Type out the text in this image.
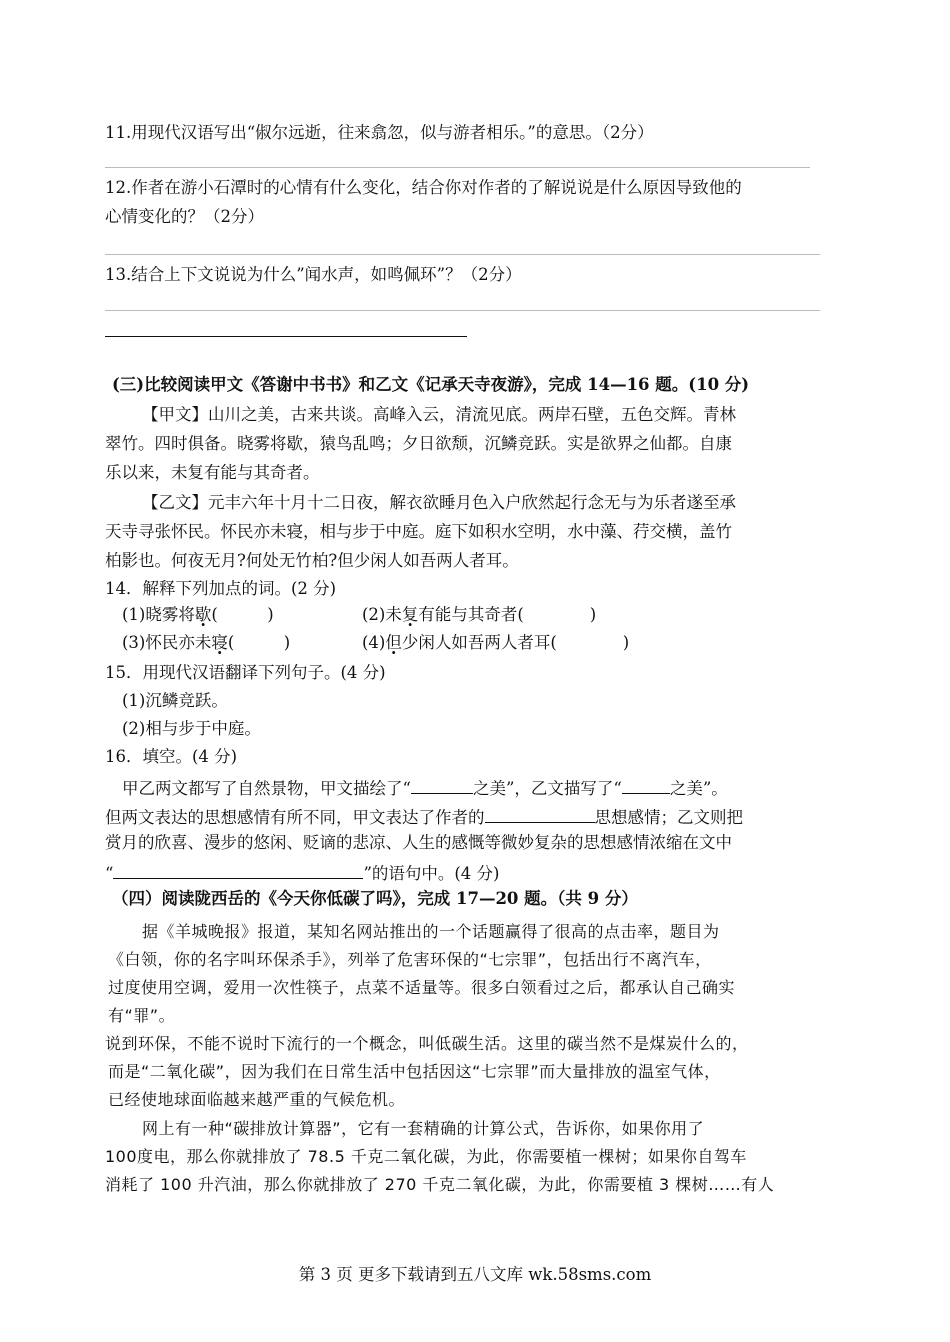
11.用现代汉语写出“俶尔远逝，往来翕忽，似与游者相乐。”的意思。（2分）
12.作者在游小石潭时的心情有什么变化，结合你对作者的了解说说是什么原因导致他的
心情变化的？（2分）
13.结合上下文说说为什么”闻水声，如鸣佩环”？（2分）
(三)比较阅读甲文《答谢中书书》和乙文《记承天寺夜游》，完成 14—16 题。(10 分)
【甲文】山川之美，古来共谈。高峰入云，清流见底。两岸石壁，五色交辉。青林
翠竹。四时俱备。晓雾将歇，猿鸟乱鸣；夕日欲颓，沉鳞竞跃。实是欲界之仙都。自康
乐以来，未复有能与其奇者。
【乙文】元丰六年十月十二日夜，解衣欲睡月色入户欣然起行念无与为乐者遂至承
天寺寻张怀民。怀民亦未寝，相与步于中庭。庭下如积水空明，水中藻、荇交横，盖竹
柏影也。何夜无月?何处无竹柏?但少闲人如吾两人者耳。
14．解释下列加点的词。(2 分)
(1)晓雾将歇(　　　)	(2)未复有能与其奇者(　　　　)
(3)怀民亦未寝(　　　)	(4)但少闲人如吾两人者耳(　　　　)
15．用现代汉语翻译下列句子。(4 分)
(1)沉鳞竞跃。
(2)相与步于中庭。
16．填空。(4 分)
甲乙两文都写了自然景物，甲文描绘了“	之美”，乙文描写了“	之美”。
但两文表达的思想感情有所不同，甲文表达了作者的	思想感情；乙文则把
赏月的欣喜、漫步的悠闲、贬谪的悲凉、人生的感慨等微妙复杂的思想感情浓缩在文中
“	”的语句中。(4 分)
（四）阅读陇西岳的《今天你低碳了吗》，完成 17—20 题。（共 9 分）
据《羊城晚报》报道，某知名网站推出的一个话题赢得了很高的点击率，题目为
《白领，你的名字叫环保杀手》，列举了危害环保的“七宗罪”，包括出行不离汽车，
过度使用空调，爱用一次性筷子，点菜不适量等。很多白领看过之后，都承认自己确实
有“罪”。
说到环保，不能不说时下流行的一个概念，叫低碳生活。这里的碳当然不是煤炭什么的，
而是“二氧化碳”，因为我们在日常生活中包括因这“七宗罪”而大量排放的温室气体，
已经使地球面临越来越严重的气候危机。
网上有一种“碳排放计算器”，它有一套精确的计算公式，告诉你，如果你用了
100度电，那么你就排放了 78.5 千克二氧化碳，为此，你需要植一棵树；如果你自驾车
消耗了 100 升汽油，那么你就排放了 270 千克二氧化碳，为此，你需要植 3 棵树……有人
第 3 页 更多下载请到五八文库 wk.58sms.com
